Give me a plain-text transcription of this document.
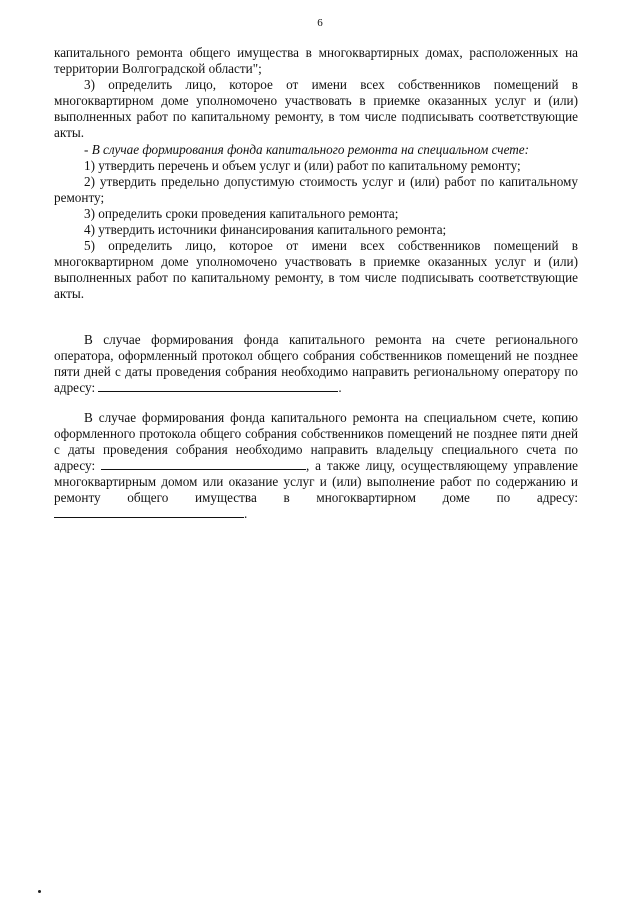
6

капитального ремонта общего имущества в многоквартирных домах, расположенных на территории Волгоградской области";

3) определить лицо, которое от имени всех собственников помещений в многоквартирном доме уполномочено участвовать в приемке оказанных услуг и (или) выполненных работ по капитальному ремонту, в том числе подписывать соответствующие акты.

- В случае формирования фонда капитального ремонта на специальном счете:

1) утвердить перечень и объем услуг и (или) работ по капитальному ремонту;

2) утвердить предельно допустимую стоимость услуг и (или) работ по капитальному ремонту;

3) определить сроки проведения капитального ремонта;

4) утвердить источники финансирования капитального ремонта;

5) определить лицо, которое от имени всех собственников помещений в многоквартирном доме уполномочено участвовать в приемке оказанных услуг и (или) выполненных работ по капитальному ремонту, в том числе подписывать соответствующие акты.

В случае формирования фонда капитального ремонта на счете регионального оператора, оформленный протокол общего собрания собственников помещений не позднее пяти дней с даты проведения собрания необходимо направить региональному оператору по адресу:	.

В случае формирования фонда капитального ремонта на специальном счете, копию оформленного протокола общего собрания собственников помещений не позднее пяти дней с даты проведения собрания необходимо направить владельцу специального счета по адресу:	, а также лицу, осуществляющему управление многоквартирным домом или оказание услуг и (или) выполнение работ по содержанию и ремонту общего имущества в многоквартирном доме по адресу: .
